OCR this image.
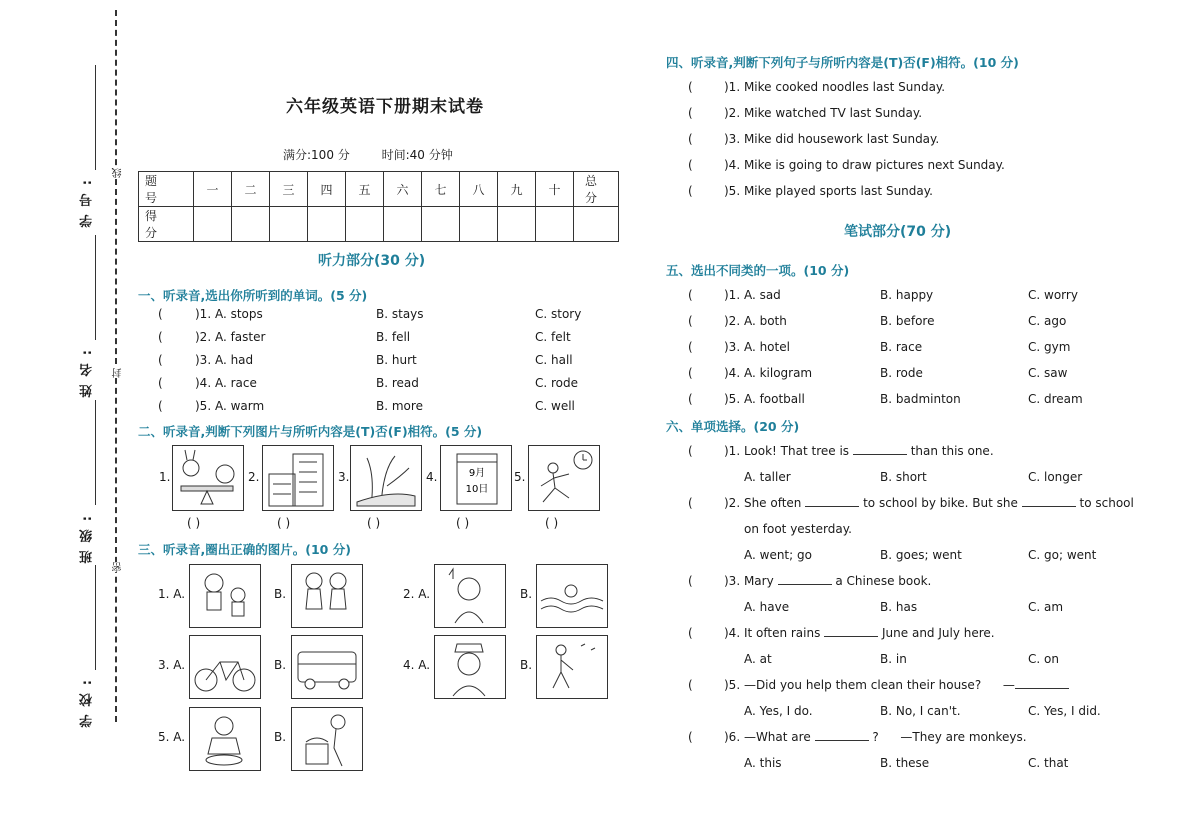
线
封
密
学号:
姓名:
班级:
学校:
六年级英语下册期末试卷
满分:100 分	时间:40 分钟
题 号	一	二	三	四	五	六	七	八	九	十	总 分
得 分											
听力部分(30 分)
一、听录音,选出你所听到的单词。(5 分)
(	)1. A. stops	B. stays	C. story
(	)2. A. faster	B. fell	C. felt
(	)3. A. had	B. hurt	C. hall
(	)4. A. race	B. read	C. rode
(	)5. A. warm	B. more	C. well
二、听录音,判断下列图片与所听内容是(T)否(F)相符。(5 分)
1.	2.	3.	4.	9月
10日
5.
( )	( )	( )	( )	( )
三、听录音,圈出正确的图片。(10 分)
1. A.	B.	2. A.	B.
3. A.	B.	4. A.	B.
5. A.	B.
四、听录音,判断下列句子与所听内容是(T)否(F)相符。(10 分)
(	)1. Mike cooked noodles last Sunday.
(	)2. Mike watched TV last Sunday.
(	)3. Mike did housework last Sunday.
(	)4. Mike is going to draw pictures next Sunday.
(	)5. Mike played sports last Sunday.
笔试部分(70 分)
五、选出不同类的一项。(10 分)
(	)1. A. sad	B. happy	C. worry
(	)2. A. both	B. before	C. ago
(	)3. A. hotel	B. race	C. gym
(	)4. A. kilogram	B. rode	C. saw
(	)5. A. football	B. badminton	C. dream
六、单项选择。(20 分)
(	)1. Look! That tree is	than this one.
A. taller	B. short	C. longer
(	)2. She often	to school by bike. But she	to school
on foot yesterday.
A. went; go	B. goes; went	C. go; went
(	)3. Mary	a Chinese book.
A. have	B. has	C. am
(	)4. It often rains	June and July here.
A. at	B. in	C. on
(	)5. —Did you help them clean their house? —
A. Yes, I do.	B. No, I can't.	C. Yes, I did.
(	)6. —What are	? —They are monkeys.
A. this	B. these	C. that
